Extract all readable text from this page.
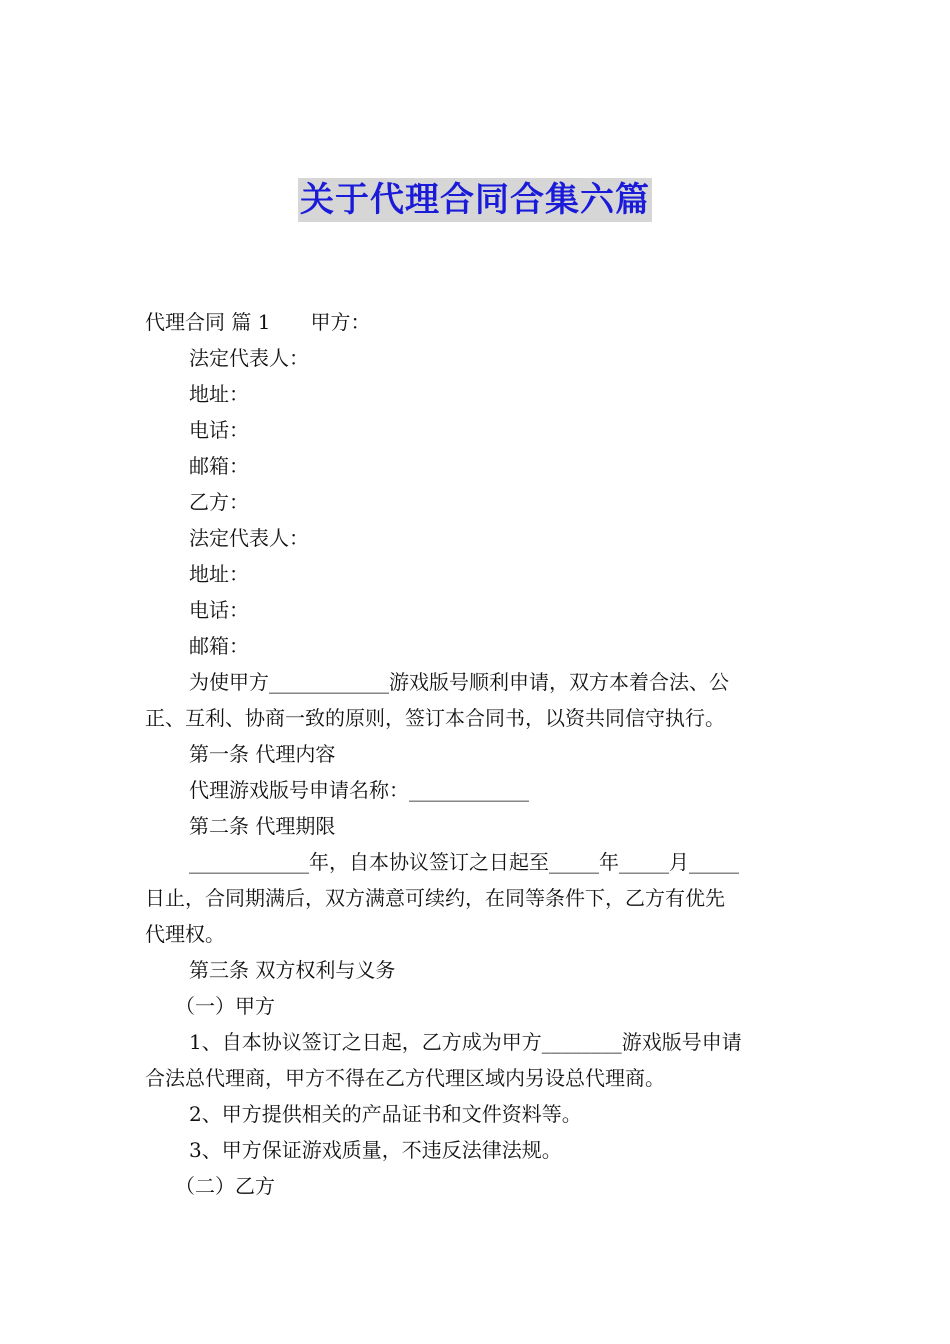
关于代理合同合集六篇
代理合同 篇 1 甲方：
法定代表人：
地址：
电话：
邮箱：
乙方：
法定代表人：
地址：
电话：
邮箱：
为使甲方____________游戏版号顺利申请，双方本着合法、公
正、互利、协商一致的原则，签订本合同书，以资共同信守执行。
第一条 代理内容
代理游戏版号申请名称：____________
第二条 代理期限
____________年，自本协议签订之日起至_____年_____月_____
日止，合同期满后，双方满意可续约，在同等条件下，乙方有优先
代理权。
第三条 双方权利与义务
（一）甲方
1、自本协议签订之日起，乙方成为甲方________游戏版号申请
合法总代理商，甲方不得在乙方代理区域内另设总代理商。
2、甲方提供相关的产品证书和文件资料等。
3、甲方保证游戏质量，不违反法律法规。
（二）乙方
